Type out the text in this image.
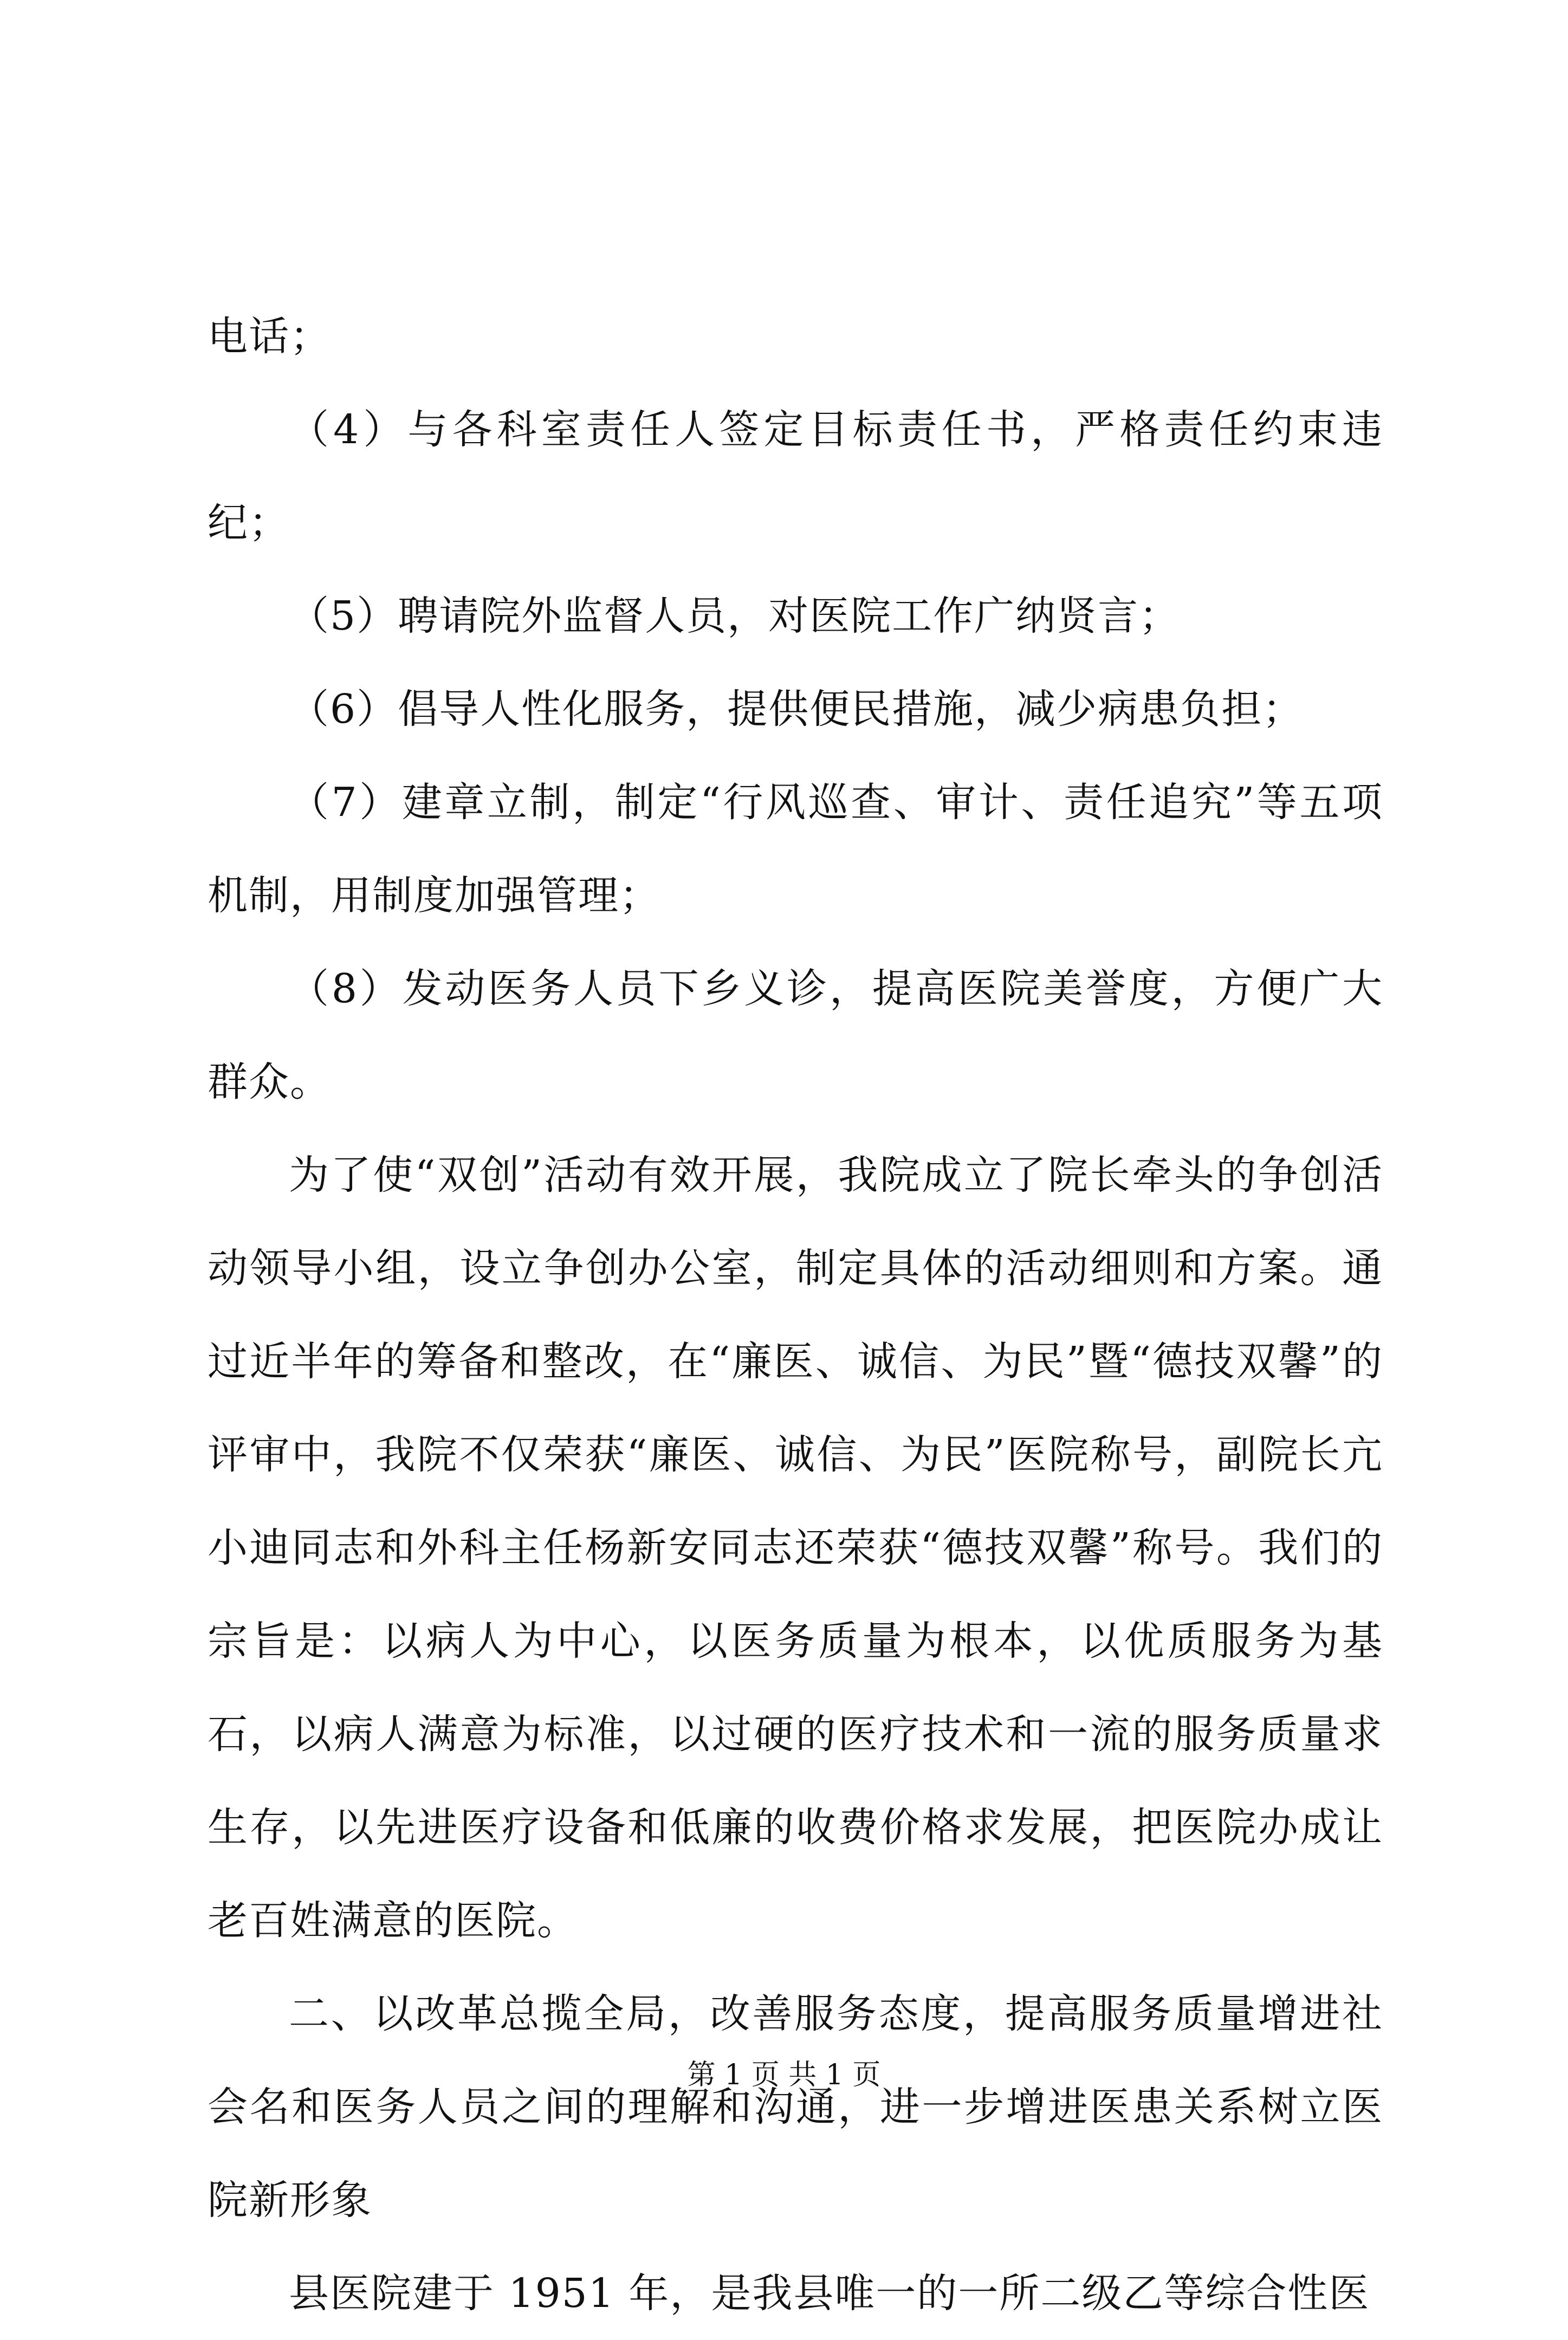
电话；

（4）与各科室责任人签定目标责任书，严格责任约束违纪；

（5）聘请院外监督人员，对医院工作广纳贤言；

（6）倡导人性化服务，提供便民措施，减少病患负担；

（7）建章立制，制定“行风巡查、审计、责任追究”等五项机制，用制度加强管理；

（8）发动医务人员下乡义诊，提高医院美誉度，方便广大群众。

为了使“双创”活动有效开展，我院成立了院长牵头的争创活动领导小组，设立争创办公室，制定具体的活动细则和方案。通过近半年的筹备和整改，在“廉医、诚信、为民”暨“德技双馨”的评审中，我院不仅荣获“廉医、诚信、为民”医院称号，副院长亢小迪同志和外科主任杨新安同志还荣获“德技双馨”称号。我们的宗旨是：以病人为中心，以医务质量为根本，以优质服务为基石，以病人满意为标准，以过硬的医疗技术和一流的服务质量求生存，以先进医疗设备和低廉的收费价格求发展，把医院办成让老百姓满意的医院。

二、以改革总揽全局，改善服务态度，提高服务质量增进社会名和医务人员之间的理解和沟通，进一步增进医患关系树立医院新形象

县医院建于 1951 年，是我县唯一的一所二级乙等综合性医

第 1 页 共 1 页
